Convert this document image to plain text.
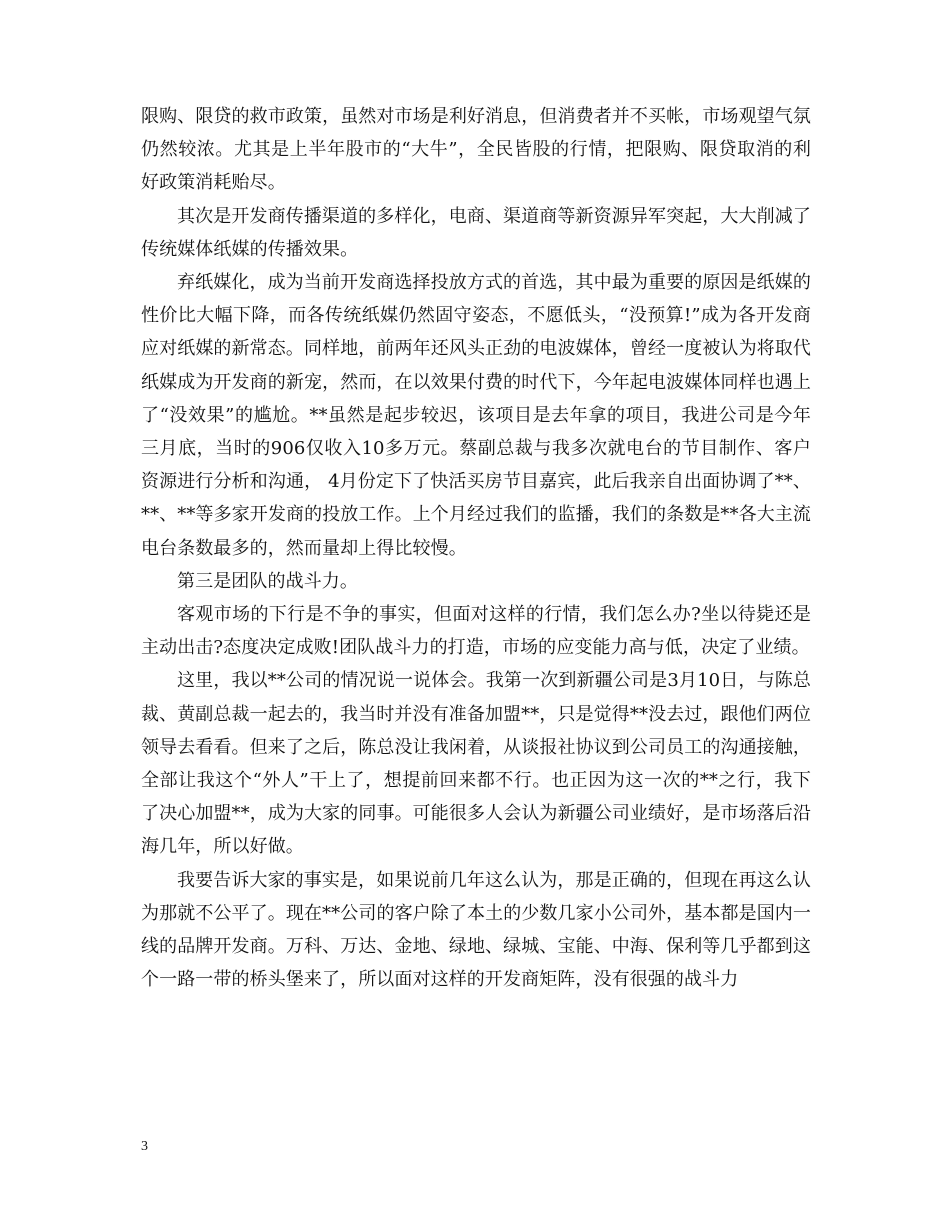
限购、限贷的救市政策，虽然对市场是利好消息，但消费者并不买帐，市场观望气氛仍然较浓。尤其是上半年股市的“大牛”，全民皆股的行情，把限购、限贷取消的利好政策消耗贻尽。

其次是开发商传播渠道的多样化，电商、渠道商等新资源异军突起，大大削减了传统媒体纸媒的传播效果。

弃纸媒化，成为当前开发商选择投放方式的首选，其中最为重要的原因是纸媒的性价比大幅下降，而各传统纸媒仍然固守姿态，不愿低头，“没预算!”成为各开发商应对纸媒的新常态。同样地，前两年还风头正劲的电波媒体，曾经一度被认为将取代纸媒成为开发商的新宠，然而，在以效果付费的时代下，今年起电波媒体同样也遇上了“没效果”的尴尬。**虽然是起步较迟，该项目是去年拿的项目，我进公司是今年三月底，当时的906仅收入10多万元。蔡副总裁与我多次就电台的节目制作、客户资源进行分析和沟通， 4月份定下了快活买房节目嘉宾，此后我亲自出面协调了**、**、**等多家开发商的投放工作。上个月经过我们的监播，我们的条数是**各大主流电台条数最多的，然而量却上得比较慢。

第三是团队的战斗力。

客观市场的下行是不争的事实，但面对这样的行情，我们怎么办?坐以待毙还是主动出击?态度决定成败!团队战斗力的打造，市场的应变能力高与低，决定了业绩。

这里，我以**公司的情况说一说体会。我第一次到新疆公司是3月10日，与陈总裁、黄副总裁一起去的，我当时并没有准备加盟**，只是觉得**没去过，跟他们两位领导去看看。但来了之后，陈总没让我闲着，从谈报社协议到公司员工的沟通接触，全部让我这个“外人”干上了，想提前回来都不行。也正因为这一次的**之行，我下了决心加盟**，成为大家的同事。可能很多人会认为新疆公司业绩好，是市场落后沿海几年，所以好做。

我要告诉大家的事实是，如果说前几年这么认为，那是正确的，但现在再这么认为那就不公平了。现在**公司的客户除了本土的少数几家小公司外，基本都是国内一线的品牌开发商。万科、万达、金地、绿地、绿城、宝能、中海、保利等几乎都到这个一路一带的桥头堡来了，所以面对这样的开发商矩阵，没有很强的战斗力

3
